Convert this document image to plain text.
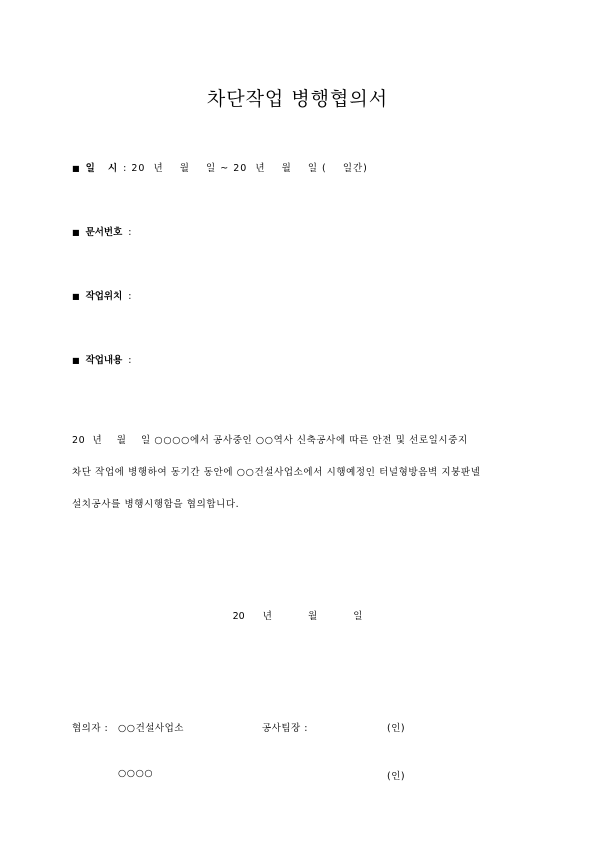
차단작업 병행협의서
■ 일    시 : 20  년    월    일 ~ 20  년    월    일 (    일간)
■ 문서번호 :
■ 작업위치 :
■ 작업내용 :
20  년    월    일 ○○○○에서 공사중인 ○○역사 신축공사에 따른 안전 및 선로일시중지
차단 작업에 병행하여 동기간 동안에 ○○건설사업소에서 시행예정인 터널형방음벽 지붕판넬
설치공사를 병행시행함을 협의합니다.
20  년    월    일
협의자 : ○○건설사업소	공사팀장 :	(인)
○○○○	(인)
